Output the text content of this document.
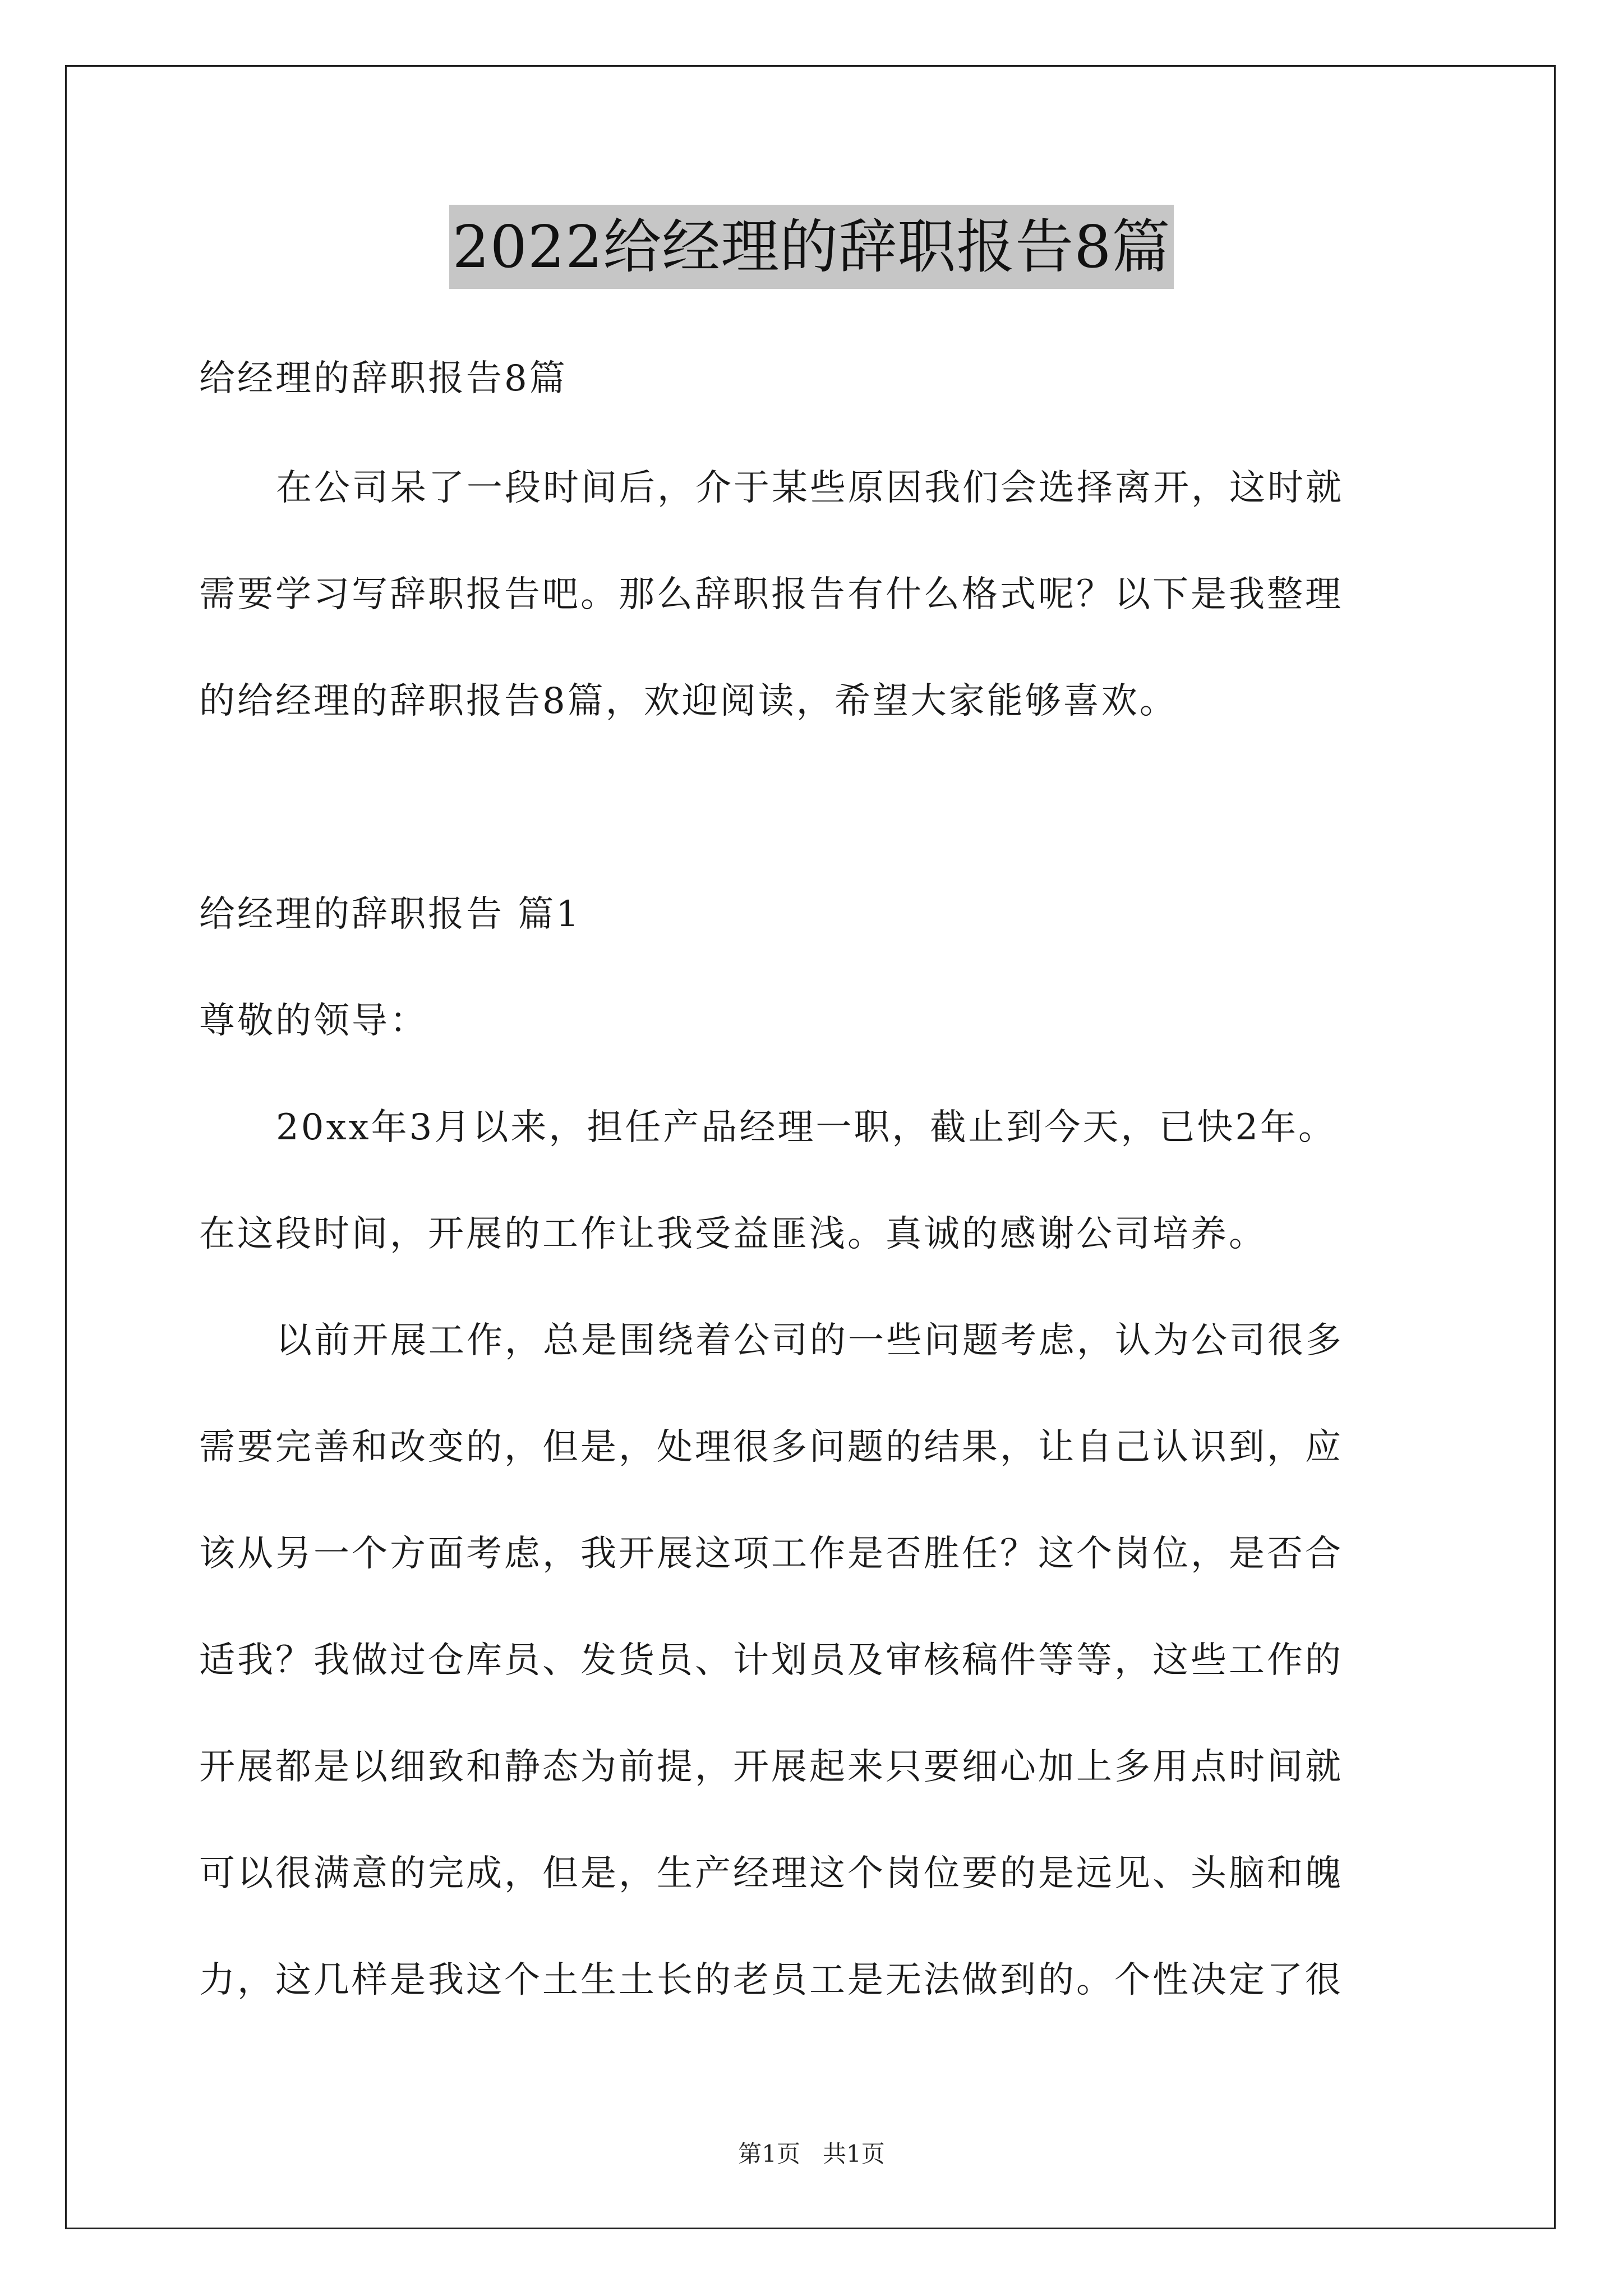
2022给经理的辞职报告8篇
给经理的辞职报告8篇
在公司呆了一段时间后，介于某些原因我们会选择离开，这时就
需要学习写辞职报告吧。那么辞职报告有什么格式呢？以下是我整理
的给经理的辞职报告8篇，欢迎阅读，希望大家能够喜欢。
给经理的辞职报告 篇1
尊敬的领导：
20xx年3月以来，担任产品经理一职，截止到今天，已快2年。
在这段时间，开展的工作让我受益匪浅。真诚的感谢公司培养。
以前开展工作，总是围绕着公司的一些问题考虑，认为公司很多
需要完善和改变的，但是，处理很多问题的结果，让自己认识到，应
该从另一个方面考虑，我开展这项工作是否胜任？这个岗位，是否合
适我？我做过仓库员、发货员、计划员及审核稿件等等，这些工作的
开展都是以细致和静态为前提，开展起来只要细心加上多用点时间就
可以很满意的完成，但是，生产经理这个岗位要的是远见、头脑和魄
力，这几样是我这个土生土长的老员工是无法做到的。个性决定了很
第1页   共1页
